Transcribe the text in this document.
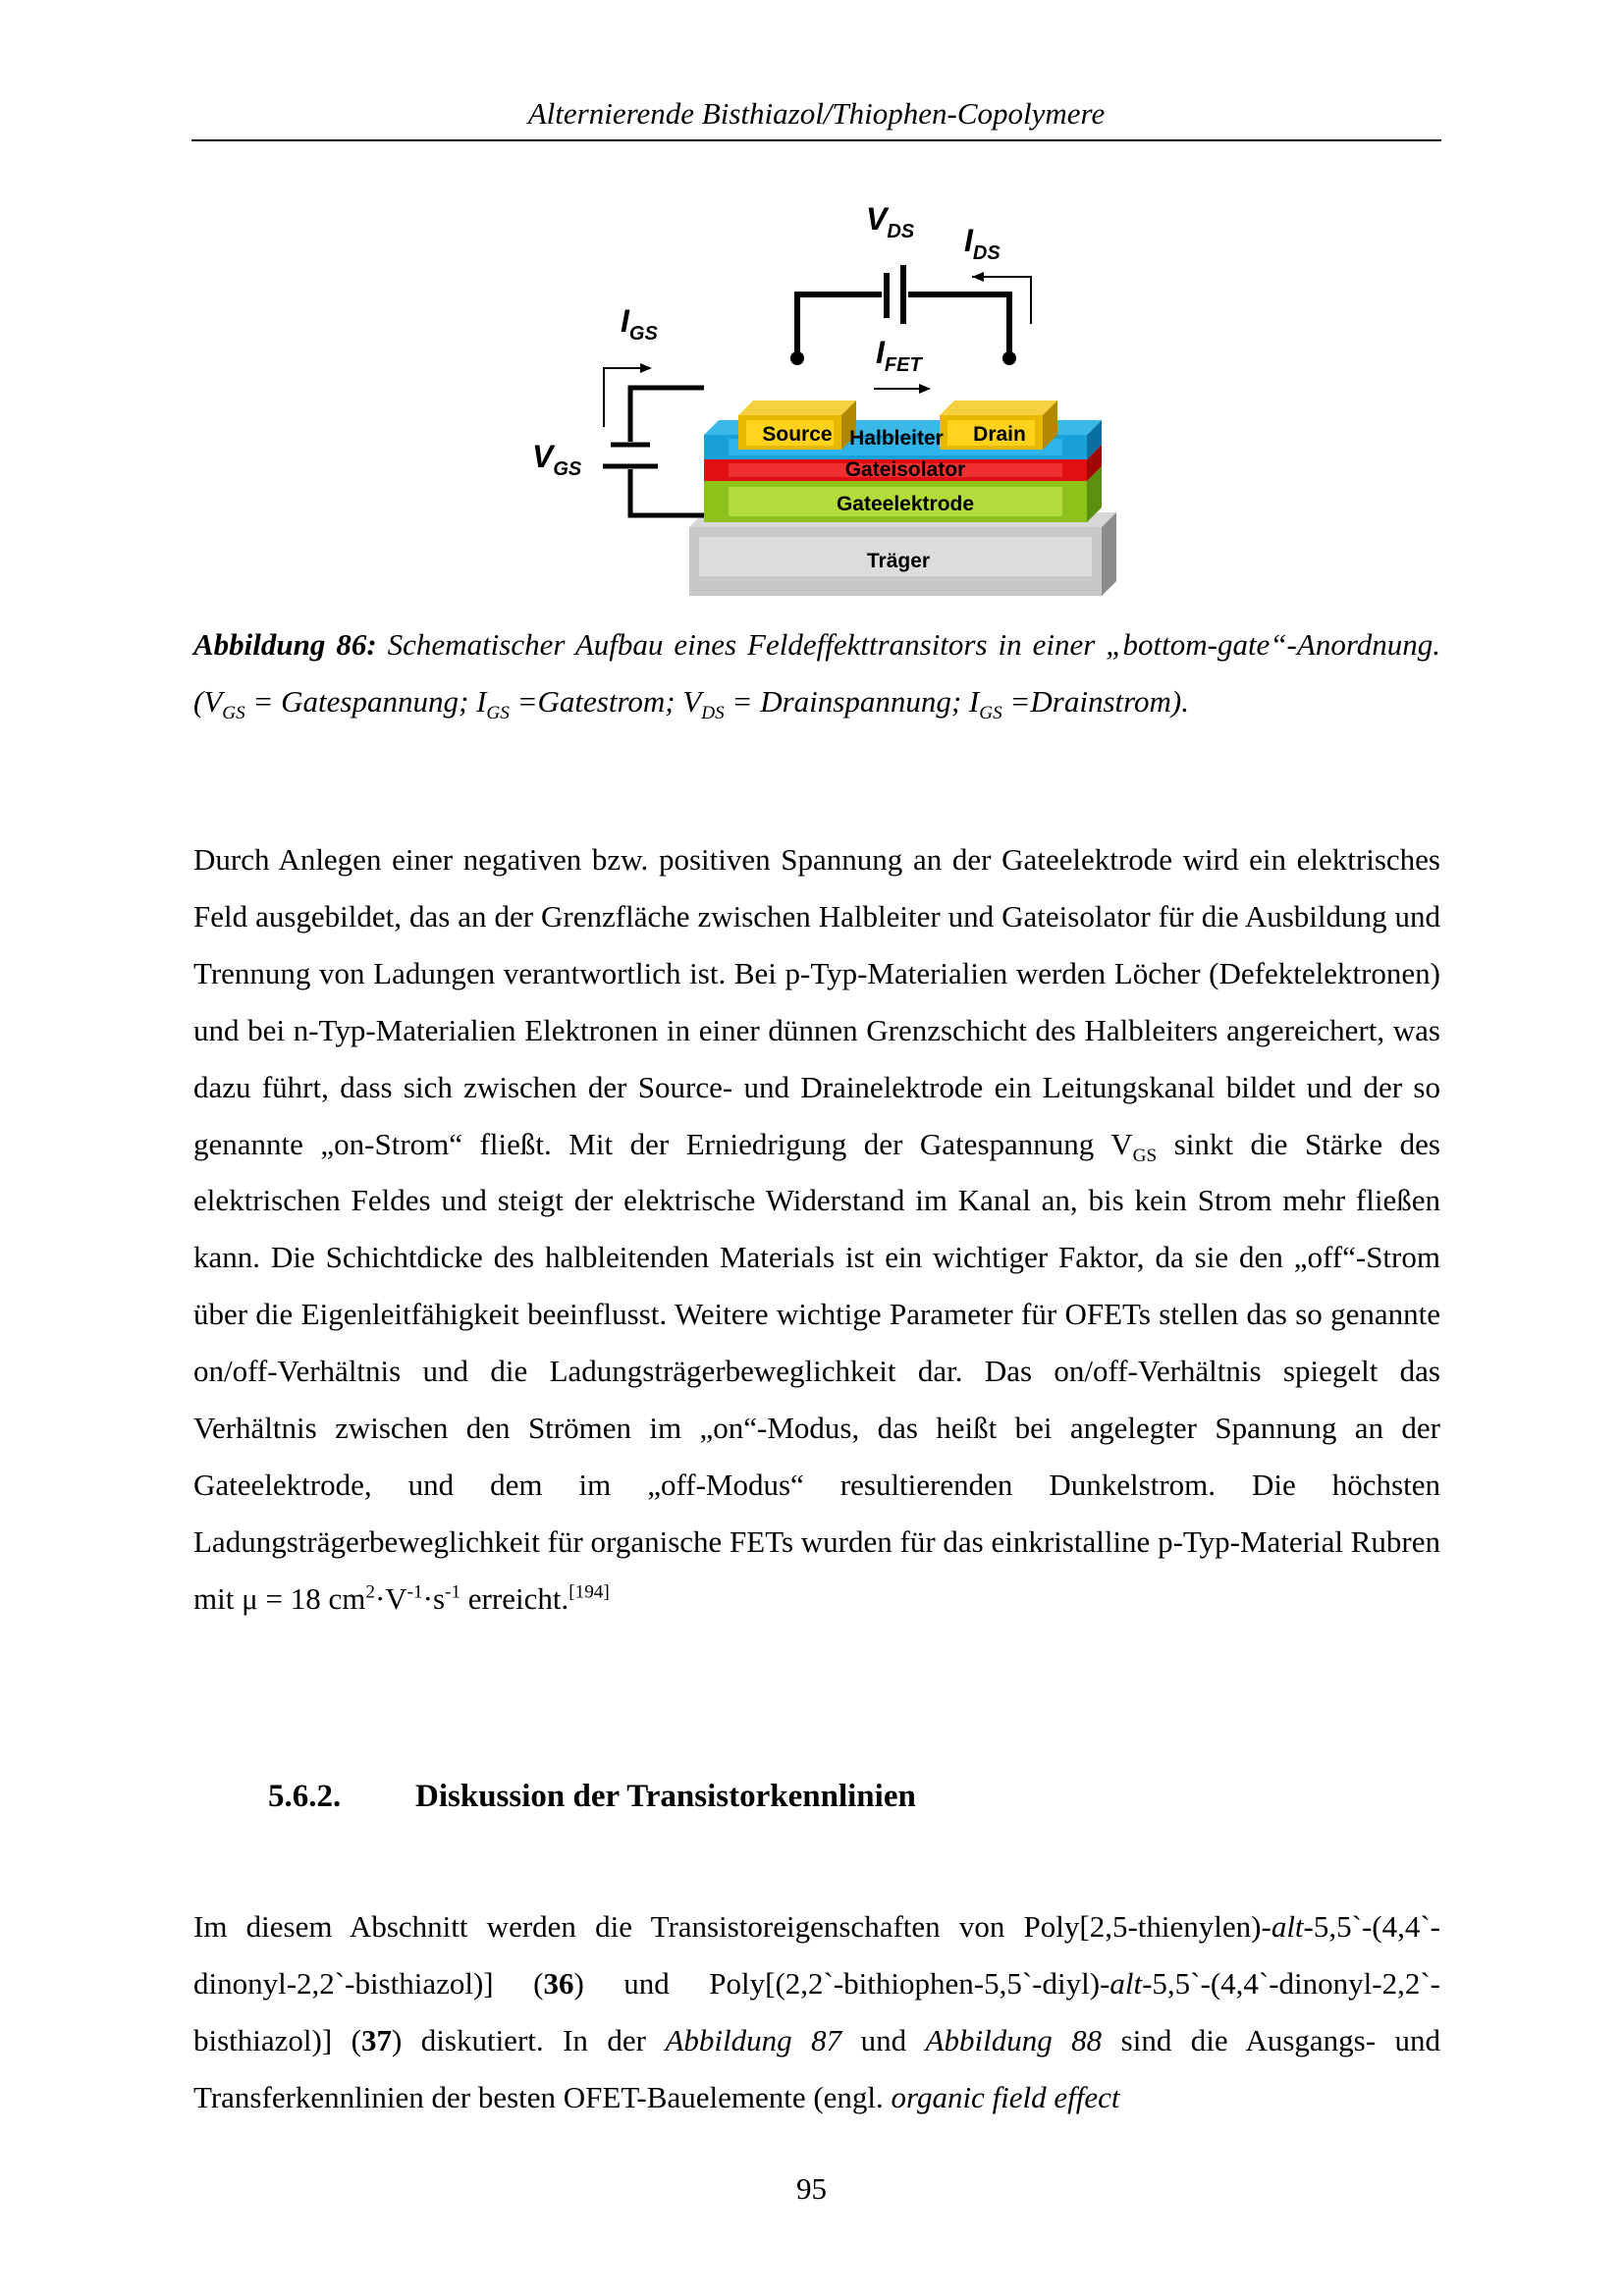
Alternierende Bisthiazol/Thiophen-Copolymere
Source	Drain
Halbleiter
Gateisolator
Gateelektrode
Träger
$V_{DS}$ $I_{DS}$
$I_{FET}$
$I_{GS}$
$V_{GS}$
Abbildung 86: Schematischer Aufbau eines Feldeffekttransitors in einer „bottom-gate“-Anordnung. ($V_{GS}$ = Gatespannung; $I_{GS}$ =Gatestrom; $V_{DS}$ = Drainspannung; $I_{GS}$ =Drainstrom).

Durch Anlegen einer negativen bzw. positiven Spannung an der Gateelektrode wird ein elektrisches Feld ausgebildet, das an der Grenzfläche zwischen Halbleiter und Gateisolator für die Ausbildung und Trennung von Ladungen verantwortlich ist. Bei p-Typ-Materialien werden Löcher (Defektelektronen) und bei n-Typ-Materialien Elektronen in einer dünnen Grenzschicht des Halbleiters angereichert, was dazu führt, dass sich zwischen der Source- und Drainelektrode ein Leitungskanal bildet und der so genannte „on-Strom“ fließt. Mit der Erniedrigung der Gatespannung $V_{GS}$ sinkt die Stärke des elektrischen Feldes und steigt der elektrische Widerstand im Kanal an, bis kein Strom mehr fließen kann. Die Schichtdicke des halbleitenden Materials ist ein wichtiger Faktor, da sie den „off“-Strom über die Eigenleitfähigkeit beeinflusst. Weitere wichtige Parameter für OFETs stellen das so genannte on/off-Verhältnis und die Ladungsträgerbeweglichkeit dar. Das on/off-Verhältnis spiegelt das Verhältnis zwischen den Strömen im „on“-Modus, das heißt bei angelegter Spannung an der Gateelektrode, und dem im „off-Modus“ resultierenden Dunkelstrom. Die höchsten Ladungsträgerbeweglichkeit für organische FETs wurden für das einkristalline p-Typ-Material Rubren mit μ = 18 $cm^2\cdot V^{-1}\cdot s^{-1}$ erreicht.[194]

5.6.2. Diskussion der Transistorkennlinien

Im diesem Abschnitt werden die Transistoreigenschaften von Poly[2,5-thienylen)-alt-5,5`-(4,4`-dinonyl-2,2`-bisthiazol)] (36) und Poly[(2,2`-bithiophen-5,5`-diyl)-alt-5,5`-(4,4`-dinonyl-2,2`-bisthiazol)] (37) diskutiert. In der Abbildung 87 und Abbildung 88 sind die Ausgangs- und Transferkennlinien der besten OFET-Bauelemente (engl. organic field effect

95
